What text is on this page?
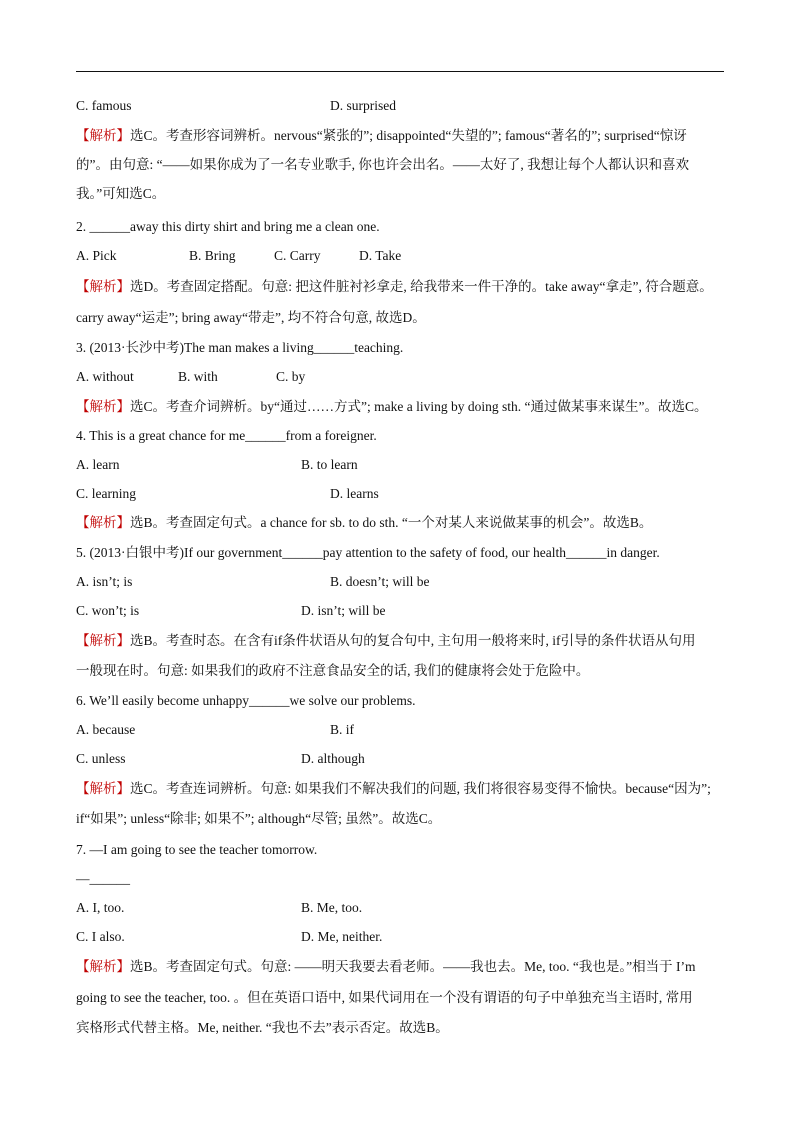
C. famous	D. surprised
【解析】选C。考查形容词辨析。nervous“紧张的”; disappointed“失望的”; famous“著名的”; surprised“惊讶
的”。由句意: “——如果你成为了一名专业歌手, 你也许会出名。——太好了, 我想让每个人都认识和喜欢
我。”可知选C。
2. ______away this dirty shirt and bring me a clean one.
A. Pick	B. Bring	C. Carry	D. Take
【解析】选D。考查固定搭配。句意: 把这件脏衬衫拿走, 给我带来一件干净的。take away“拿走”, 符合题意。
carry away“运走”; bring away“带走”, 均不符合句意, 故选D。
3. (2013·长沙中考)The man makes a living______teaching.
A. without	B. with	C. by
【解析】选C。考查介词辨析。by“通过……方式”; make a living by doing sth. “通过做某事来谋生”。故选C。
4. This is a great chance for me______from a foreigner.
A. learn	B. to learn
C. learning	D. learns
【解析】选B。考查固定句式。a chance for sb. to do sth. “一个对某人来说做某事的机会”。故选B。
5. (2013·白银中考)If our government______pay attention to the safety of food, our health______in danger.
A. isn’t; is	B. doesn’t; will be
C. won’t; is	D. isn’t; will be
【解析】选B。考查时态。在含有if条件状语从句的复合句中, 主句用一般将来时, if引导的条件状语从句用
一般现在时。句意: 如果我们的政府不注意食品安全的话, 我们的健康将会处于危险中。
6. We’ll easily become unhappy______we solve our problems.
A. because	B. if
C. unless	D. although
【解析】选C。考查连词辨析。句意: 如果我们不解决我们的问题, 我们将很容易变得不愉快。because“因为”;
if“如果”; unless“除非; 如果不”; although“尽管; 虽然”。故选C。
7. —I am going to see the teacher tomorrow.
—______
A. I, too.	B. Me, too.
C. I also.	D. Me, neither.
【解析】选B。考查固定句式。句意: ——明天我要去看老师。——我也去。Me, too. “我也是。”相当于 I’m
going to see the teacher, too. 。但在英语口语中, 如果代词用在一个没有谓语的句子中单独充当主语时, 常用
宾格形式代替主格。Me, neither. “我也不去”表示否定。故选B。
